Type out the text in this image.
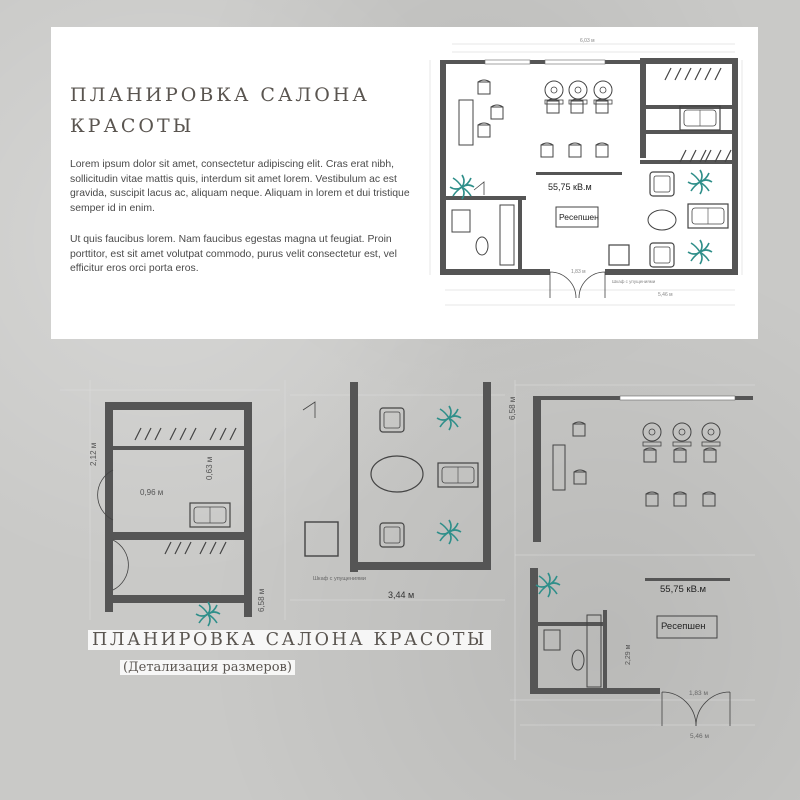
ПЛАНИРОВКА САЛОНА КРАСОТЫ

Lorem ipsum dolor sit amet, consectetur adipiscing elit. Cras erat nibh, sollicitudin vitae mattis quis, interdum sit amet lorem. Vestibulum ac est gravida, suscipit lacus ac, aliquam neque. Aliquam in lorem et dui tristique semper id in enim.

Ut quis faucibus lorem. Nam faucibus egestas magna ut feugiat. Proin porttitor, est sit amet volutpat commodo, purus velit consectetur est, vel efficitur eros orci porta eros.

55,75 кВ.м
Ресепшен
6,03 м
5,46 м
1,83 м
Шкаф с упущениями
2,12 м
0,96 м
0,63 м
6,58 м
6,58 м
Шкаф с упущениями
3,44 м	55,75 кВ.м
Ресепшен
2,29 м
1,83 м
5,46 м
ПЛАНИРОВКА САЛОНА КРАСОТЫ

(Детализация размеров)
